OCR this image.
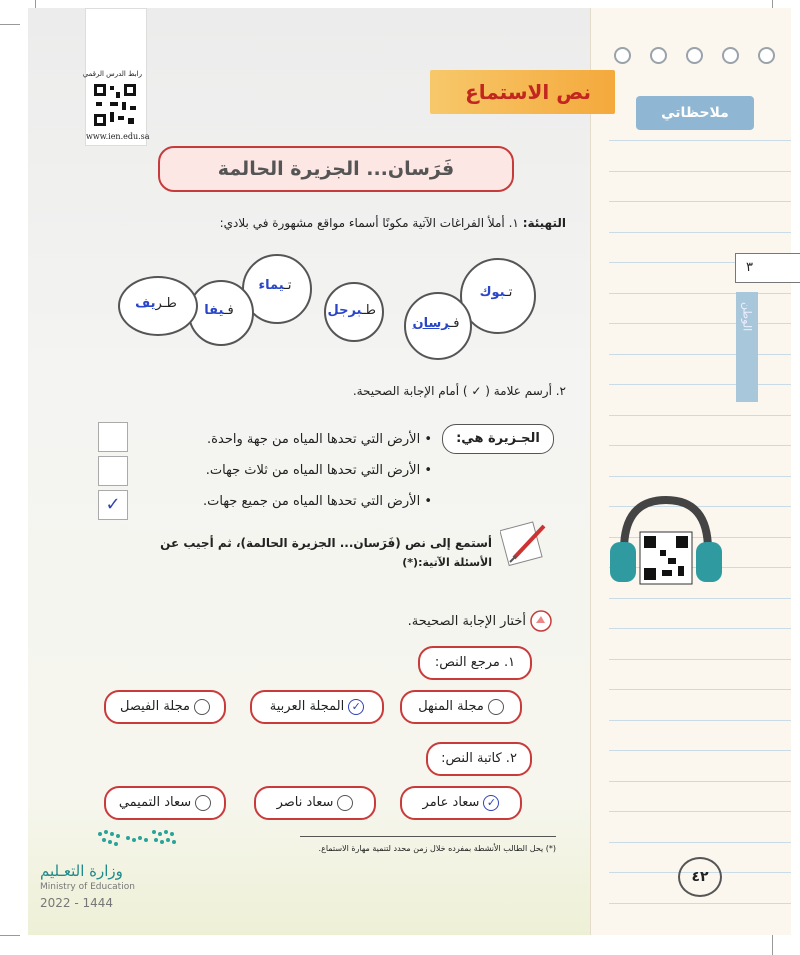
ملاحظاتي
٣
الوطن
٤٢
رابط الدرس الرقمي
www.ien.edu.sa
نص الاستماع
فَرَسان... الجزيرة الحالمة
التهيئة: ١. أملأ الفراغات الآتية مكونًا أسماء مواقع مشهورة في بلادي:
تـبوك
فـرسان
طـبرجل
تـيماء
فـيفا
طـريف
٢. أرسم علامة ( ✓ ) أمام الإجابة الصحيحة.
الجـزيرة هي:
• الأرض التي تحدها المياه من جهة واحدة.
• الأرض التي تحدها المياه من ثلاث جهات.
• الأرض التي تحدها المياه من جميع جهات.
✓
أستمع إلى نص (فَرَسان... الجزيرة الحالمة)، ثم أجيب عن
الأسئلة الآتية:(*)
أختار الإجابة الصحيحة.
١. مرجع النص:
مجلة المنهل
✓المجلة العربية
مجلة الفيصل
٢. كاتبة النص:
✓سعاد عامر
سعاد ناصر
سعاد التميمي
(*) يحل الطالب الأنشطة بمفرده خلال زمن محدد لتنمية مهارة الاستماع.
وزارة التعـليم
Ministry of Education
2022 - 1444
